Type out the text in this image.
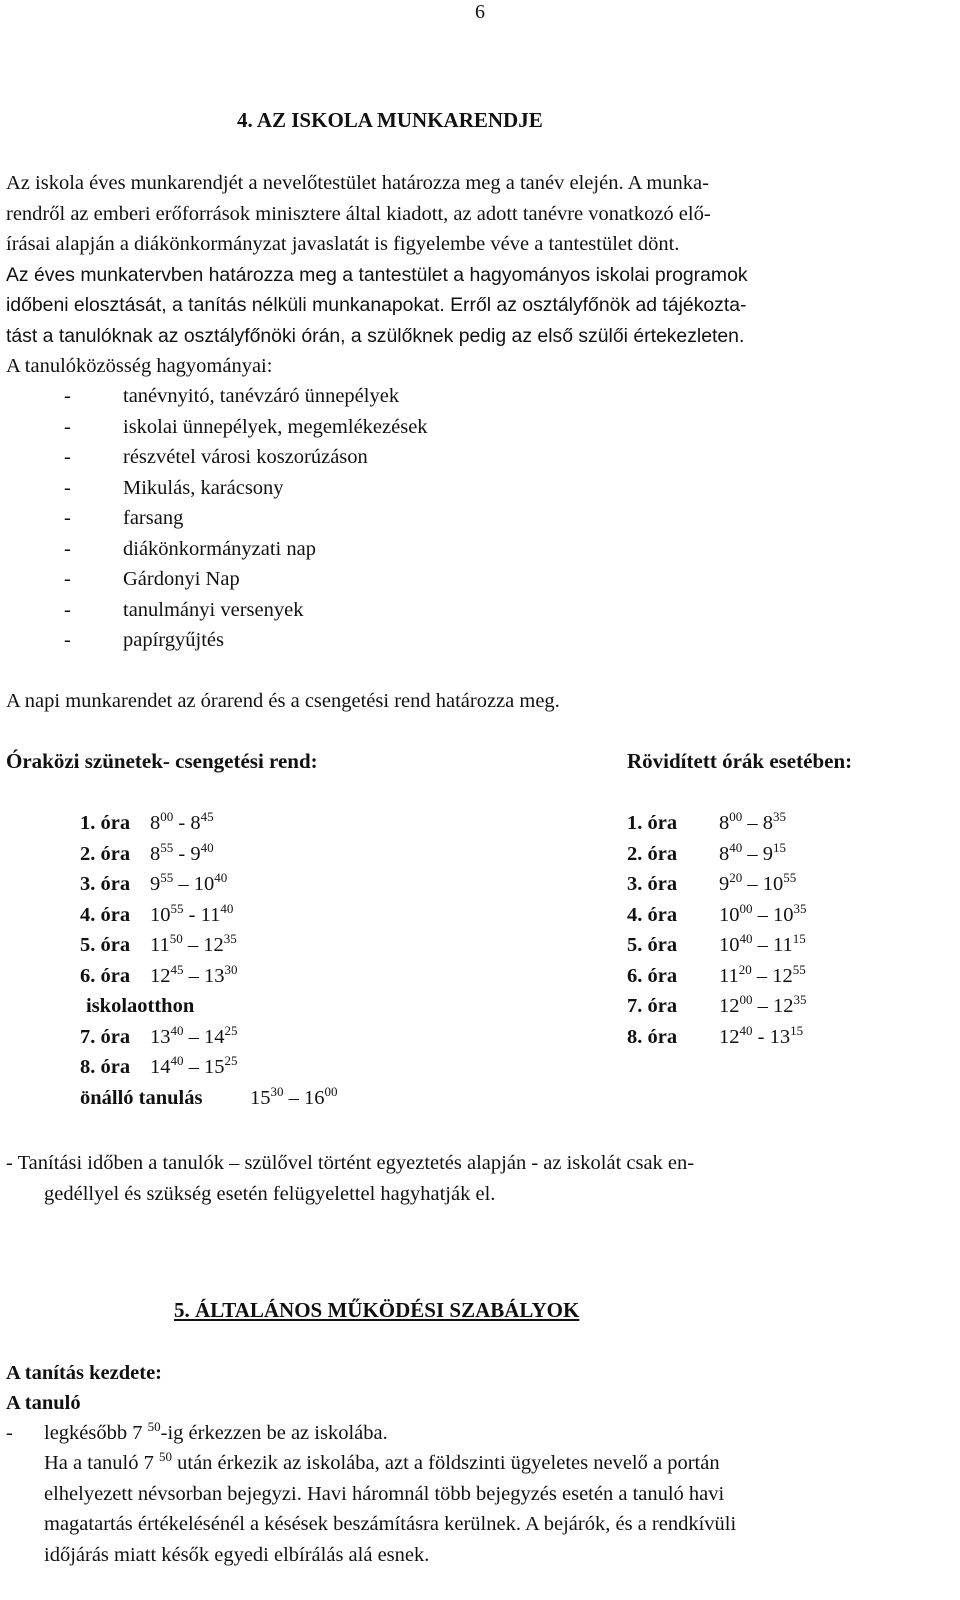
6
4. AZ ISKOLA MUNKARENDJE
Az iskola éves munkarendjét a nevelőtestület határozza meg a tanév elején. A munka-
rendről az emberi erőforrások minisztere által kiadott, az adott tanévre vonatkozó elő-
írásai alapján a diákönkormányzat javaslatát is figyelembe véve a tantestület dönt.
Az éves munkatervben határozza meg a tantestület a hagyományos iskolai programok
időbeni elosztását, a tanítás nélküli munkanapokat. Erről az osztályfőnök ad tájékozta-
tást a tanulóknak az osztályfőnöki órán, a szülőknek pedig az első szülői értekezleten.
A tanulóközösség hagyományai:
-	tanévnyitó, tanévzáró ünnepélyek
-	iskolai ünnepélyek, megemlékezések
-	részvétel városi koszorúzáson
-	Mikulás, karácsony
-	farsang
-	diákönkormányzati nap
-	Gárdonyi Nap
-	tanulmányi versenyek
-	papírgyűjtés
A napi munkarendet az órarend és a csengetési rend határozza meg.
Óraközi szünetek- csengetési rend:	Rövidített órák esetében:
1. óra $8^{00} - 8^{45}$
2. óra $8^{55} - 9^{40}$
3. óra $9^{55} - 10^{40}$
4. óra $10^{55} - 11^{40}$
5. óra $11^{50} - 12^{35}$
6. óra $12^{45} - 13^{30}$
iskolaotthon
7. óra $13^{40} - 14^{25}$
8. óra $14^{40} - 15^{25}$
önálló tanulás $15^{30} - 16^{00}$
1. óra $8^{00} - 8^{35}$
2. óra $8^{40} - 9^{15}$
3. óra $9^{20} - 10^{55}$
4. óra $10^{00} - 10^{35}$
5. óra $10^{40} - 11^{15}$
6. óra $11^{20} - 12^{55}$
7. óra $12^{00} - 12^{35}$
8. óra $12^{40} - 13^{15}$
- Tanítási időben a tanulók – szülővel történt egyeztetés alapján - az iskolát csak en-
gedéllyel és szükség esetén felügyelettel hagyhatják el.
5. ÁLTALÁNOS MŰKÖDÉSI SZABÁLYOK
A tanítás kezdete:
A tanuló
- legkésőbb 7 $^{50}$-ig érkezzen be az iskolába.
Ha a tanuló 7 $^{50}$ után érkezik az iskolába, azt a földszinti ügyeletes nevelő a portán
elhelyezett névsorban bejegyzi. Havi háromnál több bejegyzés esetén a tanuló havi
magatartás értékelésénél a késések beszámításra kerülnek. A bejárók, és a rendkívüli
időjárás miatt késők egyedi elbírálás alá esnek.
